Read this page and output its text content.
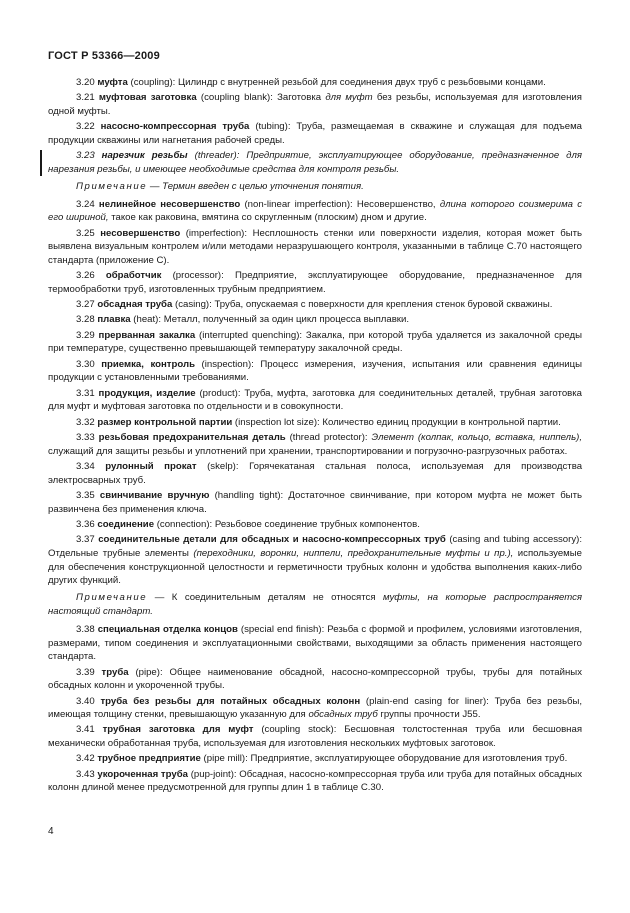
ГОСТ Р 53366—2009

3.20 муфта (coupling): Цилиндр с внутренней резьбой для соединения двух труб с резьбовыми концами.

3.21 муфтовая заготовка (coupling blank): Заготовка для муфт без резьбы, используемая для изготовления одной муфты.

3.22 насосно-компрессорная труба (tubing): Труба, размещаемая в скважине и служащая для подъема продукции скважины или нагнетания рабочей среды.

3.23 нарезчик резьбы (threader): Предприятие, эксплуатирующее оборудование, предназначенное для нарезания резьбы, и имеющее необходимые средства для контроля резьбы.

Примечание — Термин введен с целью уточнения понятия.

3.24 нелинейное несовершенство (non-linear imperfection): Несовершенство, длина которого соизмерима с его шириной, такое как раковина, вмятина со скругленным (плоским) дном и другие.

3.25 несовершенство (imperfection): Несплошность стенки или поверхности изделия, которая может быть выявлена визуальным контролем и/или методами неразрушающего контроля, указанными в таблице С.70 настоящего стандарта (приложение С).

3.26 обработчик (processor): Предприятие, эксплуатирующее оборудование, предназначенное для термообработки труб, изготовленных трубным предприятием.

3.27 обсадная труба (casing): Труба, опускаемая с поверхности для крепления стенок буровой скважины.

3.28 плавка (heat): Металл, полученный за один цикл процесса выплавки.

3.29 прерванная закалка (interrupted quenching): Закалка, при которой труба удаляется из закалочной среды при температуре, существенно превышающей температуру закалочной среды.

3.30 приемка, контроль (inspection): Процесс измерения, изучения, испытания или сравнения единицы продукции с установленными требованиями.

3.31 продукция, изделие (product): Труба, муфта, заготовка для соединительных деталей, трубная заготовка для муфт и муфтовая заготовка по отдельности и в совокупности.

3.32 размер контрольной партии (inspection lot size): Количество единиц продукции в контрольной партии.

3.33 резьбовая предохранительная деталь (thread protector): Элемент (колпак, кольцо, вставка, ниппель), служащий для защиты резьбы и уплотнений при хранении, транспортировании и погрузочно-разгрузочных работах.

3.34 рулонный прокат (skelp): Горячекатаная стальная полоса, используемая для производства электросварных труб.

3.35 свинчивание вручную (handling tight): Достаточное свинчивание, при котором муфта не может быть развинчена без применения ключа.

3.36 соединение (connection): Резьбовое соединение трубных компонентов.

3.37 соединительные детали для обсадных и насосно-компрессорных труб (casing and tubing accessory): Отдельные трубные элементы (переходники, воронки, ниппели, предохранительные муфты и пр.), используемые для обеспечения конструкционной целостности и герметичности трубных колонн и удобства выполнения каких-либо других функций.

Примечание — К соединительным деталям не относятся муфты, на которые распространяется настоящий стандарт.

3.38 специальная отделка концов (special end finish): Резьба с формой и профилем, условиями изготовления, размерами, типом соединения и эксплуатационными свойствами, выходящими за область применения настоящего стандарта.

3.39 труба (pipe): Общее наименование обсадной, насосно-компрессорной трубы, трубы для потайных обсадных колонн и укороченной трубы.

3.40 труба без резьбы для потайных обсадных колонн (plain-end casing for liner): Труба без резьбы, имеющая толщину стенки, превышающую указанную для обсадных труб группы прочности J55.

3.41 трубная заготовка для муфт (coupling stock): Бесшовная толстостенная труба или бесшовная механически обработанная труба, используемая для изготовления нескольких муфтовых заготовок.

3.42 трубное предприятие (pipe mill): Предприятие, эксплуатирующее оборудование для изготовления труб.

3.43 укороченная труба (pup-joint): Обсадная, насосно-компрессорная труба или труба для потайных обсадных колонн длиной менее предусмотренной для группы длин 1 в таблице С.30.

4
